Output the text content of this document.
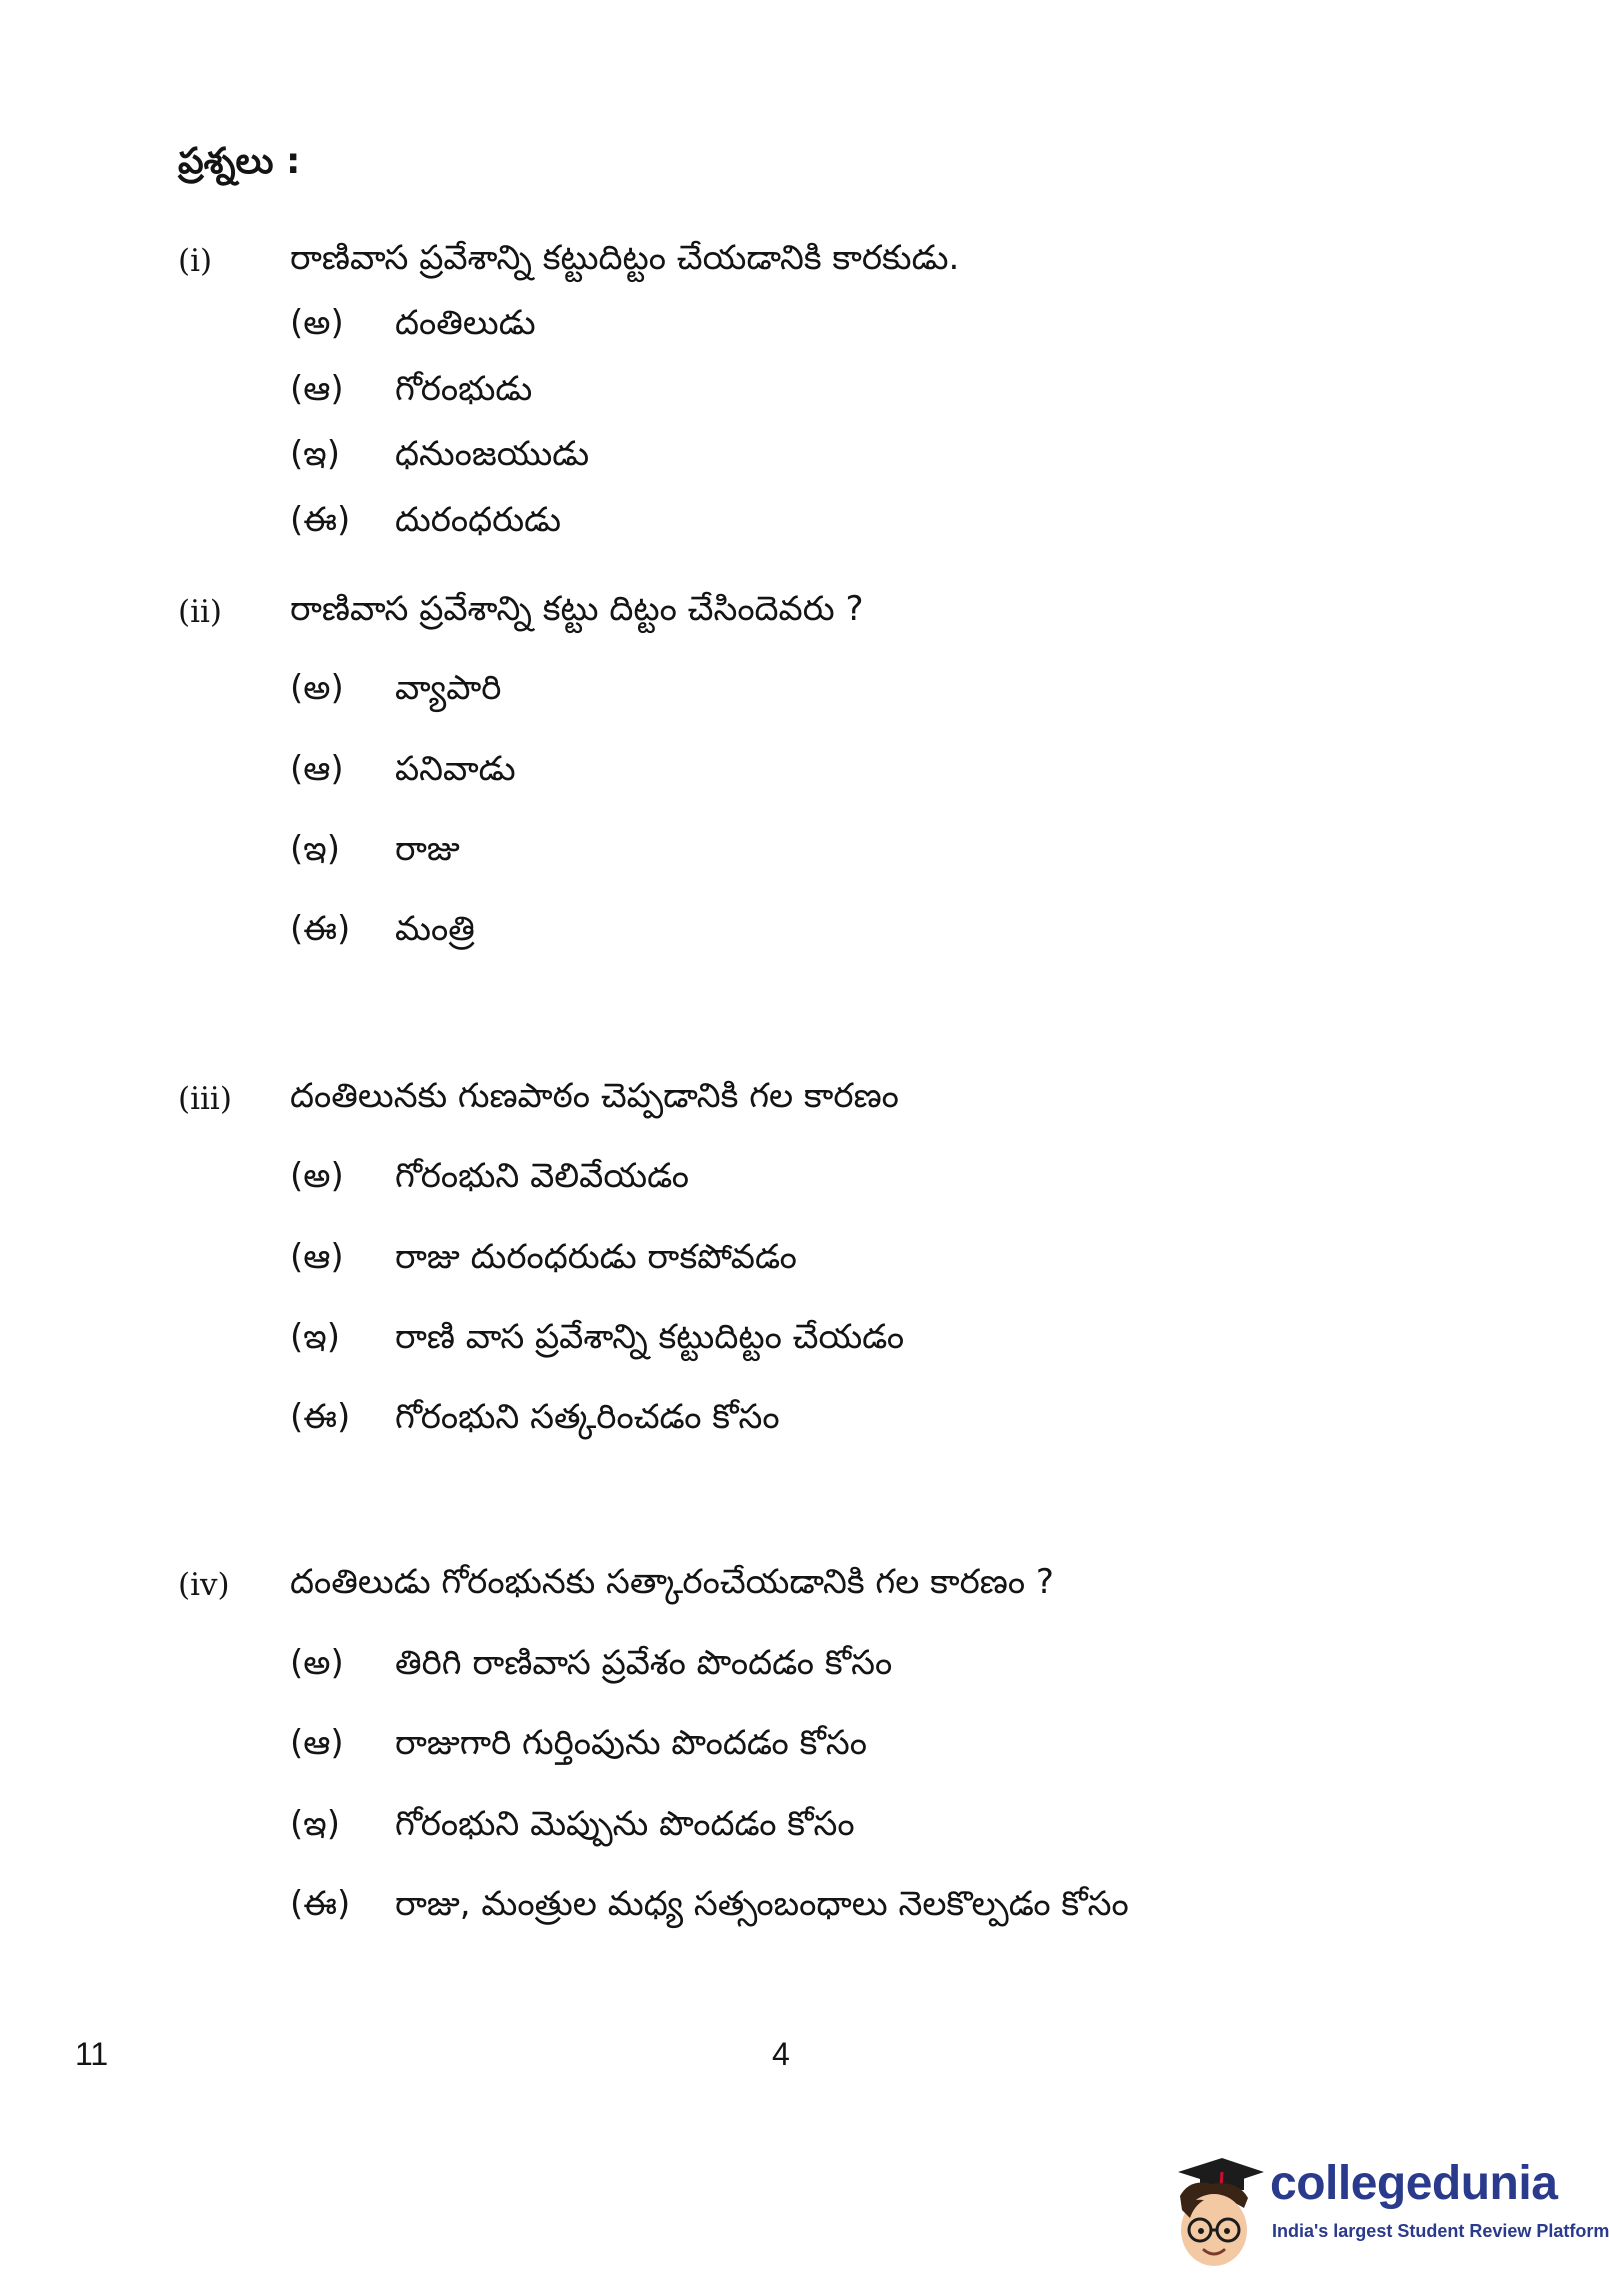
ప్రశ్నలు :
(i) రాణివాస ప్రవేశాన్ని కట్టుదిట్టం చేయడానికి కారకుడు.
(అ) దంతిలుడు
(ఆ) గోరంభుడు
(ఇ) ధనుంజయుడు
(ఈ) దురంధరుడు
(ii) రాణివాస ప్రవేశాన్ని కట్టు దిట్టం చేసిందెవరు ?
(అ) వ్యాపారి
(ఆ) పనివాడు
(ఇ) రాజు
(ఈ) మంత్రి
(iii) దంతిలునకు గుణపాఠం చెప్పడానికి గల కారణం
(అ) గోరంభుని వెలివేయడం
(ఆ) రాజు దురంధరుడు రాకపోవడం
(ఇ) రాణి వాస ప్రవేశాన్ని కట్టుదిట్టం చేయడం
(ఈ) గోరంభుని సత్కరించడం కోసం
(iv) దంతిలుడు గోరంభునకు సత్కారంచేయడానికి గల కారణం ?
(అ) తిరిగి రాణివాస ప్రవేశం పొందడం కోసం
(ఆ) రాజుగారి గుర్తింపును పొందడం కోసం
(ఇ) గోరంభుని మెప్పును పొందడం కోసం
(ఈ) రాజు, మంత్రుల మధ్య సత్సంబంధాలు నెలకొల్పడం కోసం
11	4
collegedunia
India's largest Student Review Platform
